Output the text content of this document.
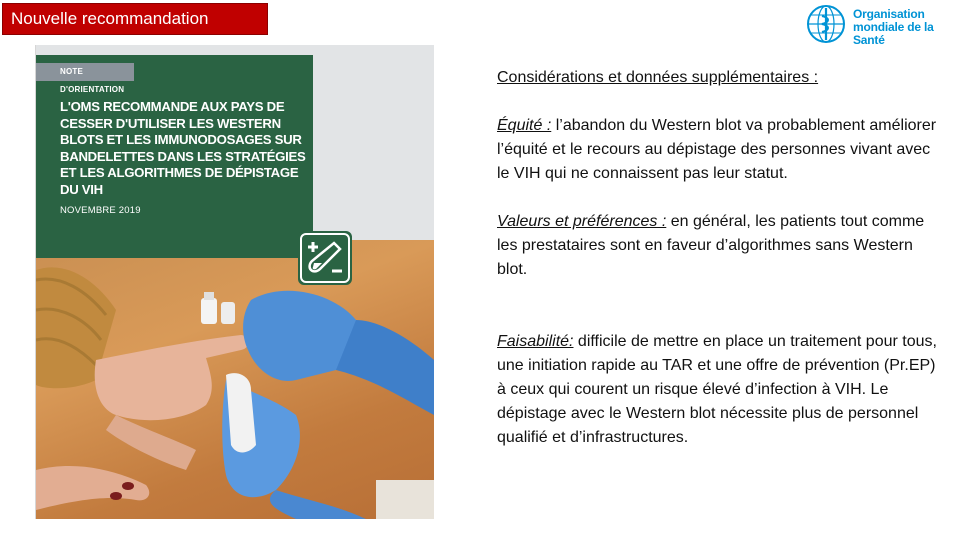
Nouvelle recommandation	Organisation
mondiale de la Santé
NOTE D'ORIENTATION
L'OMS RECOMMANDE AUX PAYS DE CESSER D'UTILISER LES WESTERN BLOTS ET LES IMMUNODOSAGES SUR BANDELETTES DANS LES STRATÉGIES ET LES ALGORITHMES DE DÉPISTAGE DU VIH
NOVEMBRE 2019
Considérations et données supplémentaires :
Équité : l’abandon du Western blot va probablement améliorer l’équité et le recours au dépistage des personnes vivant avec le VIH qui ne connaissent pas leur statut.
Valeurs et préférences : en général, les patients tout comme les prestataires sont en faveur d’algorithmes sans Western blot.
Faisabilité: difficile de mettre en place un traitement pour tous, une initiation rapide au TAR et une offre de prévention (Pr.EP) à ceux qui courent un risque élevé d’infection à VIH. Le dépistage avec le Western blot nécessite plus de personnel qualifié et d’infrastructures.
